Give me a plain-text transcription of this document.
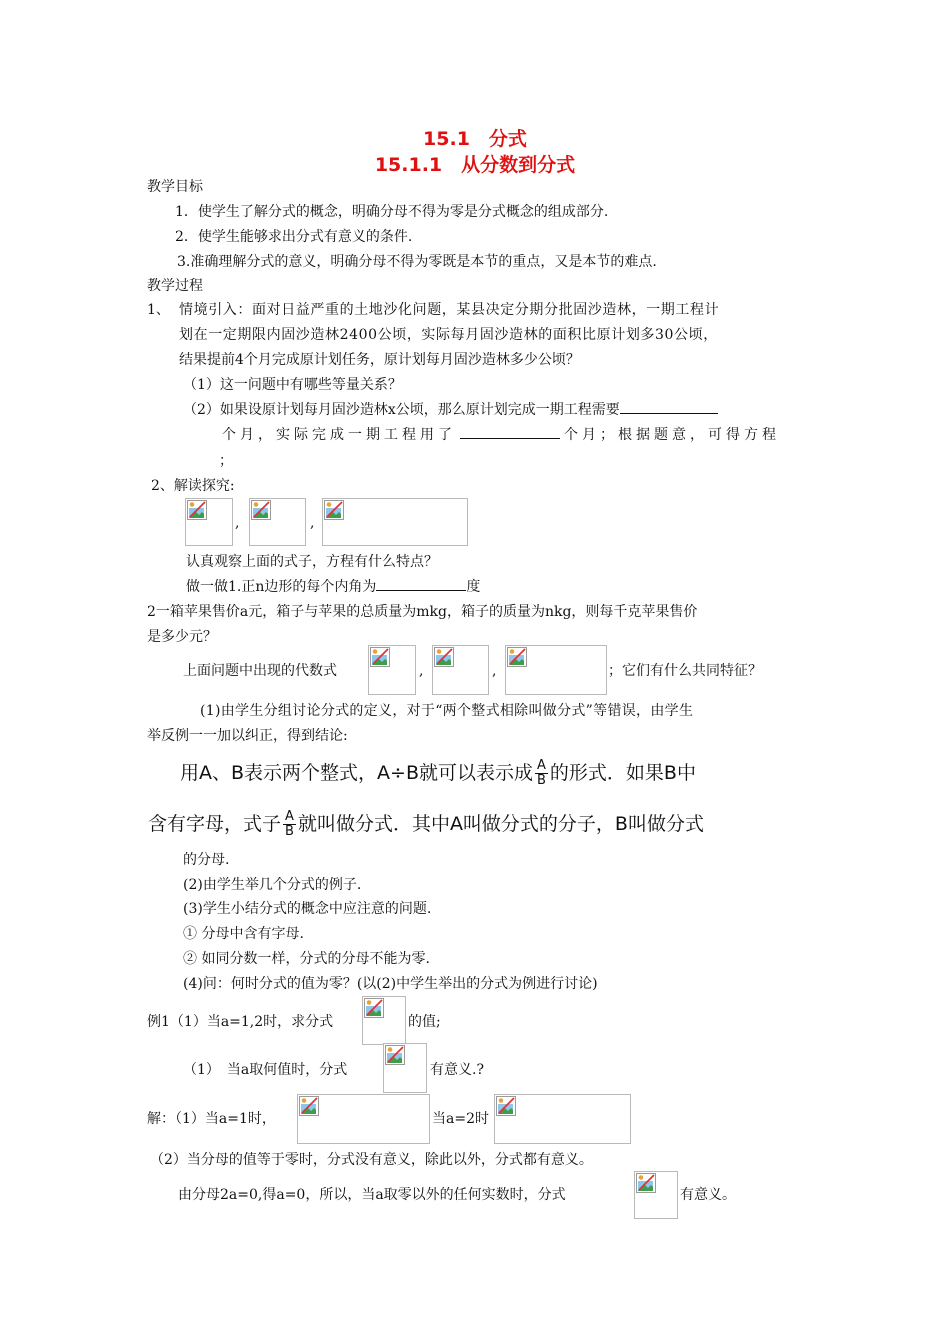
15.1　分式
15.1.1　从分数到分式
教学目标
1．使学生了解分式的概念，明确分母不得为零是分式概念的组成部分.
2．使学生能够求出分式有意义的条件.
3.准确理解分式的意义，明确分母不得为零既是本节的重点，又是本节的难点.
教学过程
1、 情境引入：面对日益严重的土地沙化问题，某县决定分期分批固沙造林，一期工程计
划在一定期限内固沙造林2400公顷，实际每月固沙造林的面积比原计划多30公顷，
结果提前4个月完成原计划任务，原计划每月固沙造林多少公顷？
（1）这一问题中有哪些等量关系？
（2）如果设原计划每月固沙造林x公顷，那么原计划完成一期工程需要
个月，实际完成一期工程用了	个月；根据题意，可得方程
；
2、解读探究:
,	,
认真观察上面的式子，方程有什么特点？
做一做1.正n边形的每个内角为	度
2一箱苹果售价a元，箱子与苹果的总质量为mkg，箱子的质量为nkg，则每千克苹果售价
是多少元？
上面问题中出现的代数式	,	,	；它们有什么共同特征？
(1)由学生分组讨论分式的定义，对于“两个整式相除叫做分式”等错误，由学生
举反例一一加以纠正，得到结论:
用A、B表示两个整式，A÷B就可以表示成 $\frac{A}{B}$ 的形式．如果B中
含有字母，式子 $\frac{A}{B}$ 就叫做分式．其中A叫做分式的分子，B叫做分式
的分母.
(2)由学生举几个分式的例子.
(3)学生小结分式的概念中应注意的问题.
① 分母中含有字母.
② 如同分数一样，分式的分母不能为零.
(4)问：何时分式的值为零？(以(2)中学生举出的分式为例进行讨论)
例1（1）当a=1,2时，求分式	的值;
（1）　当a取何值时，分式	有意义.?
解：（1）当a=1时，	当a=2时
（2）当分母的值等于零时，分式没有意义，除此以外，分式都有意义。
由分母2a=0,得a=0，所以，当a取零以外的任何实数时，分式	有意义。
